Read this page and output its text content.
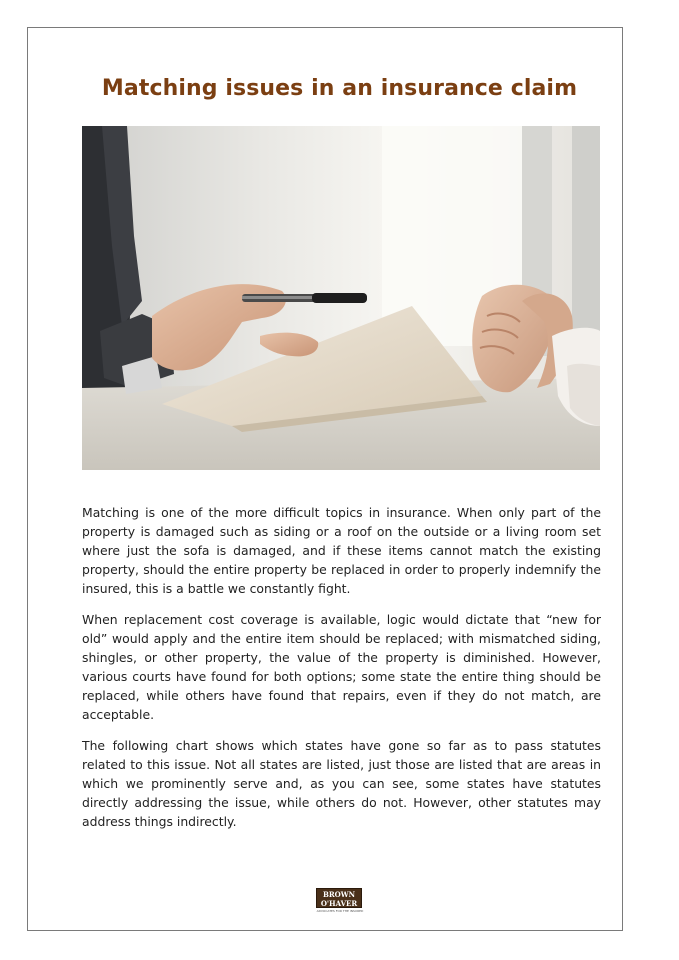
Matching issues in an insurance claim

Matching is one of the more difficult topics in insurance. When only part of the property is damaged such as siding or a roof on the outside or a living room set where just the sofa is damaged, and if these items cannot match the existing property, should the entire property be replaced in order to properly indemnify the insured, this is a battle we constantly fight.

When replacement cost coverage is available, logic would dictate that “new for old” would apply and the entire item should be replaced; with mismatched siding, shingles, or other property, the value of the property is diminished. However, various courts have found for both options; some state the entire thing should be replaced, while others have found that repairs, even if they do not match, are acceptable.

The following chart shows which states have gone so far as to pass statutes related to this issue. Not all states are listed, just those are listed that are areas in which we prominently serve and, as you can see, some states have statutes directly addressing the issue, while others do not. However, other statutes may address things indirectly.

BROWN
O'HAVER
ADVOCATES FOR THE INSURED
